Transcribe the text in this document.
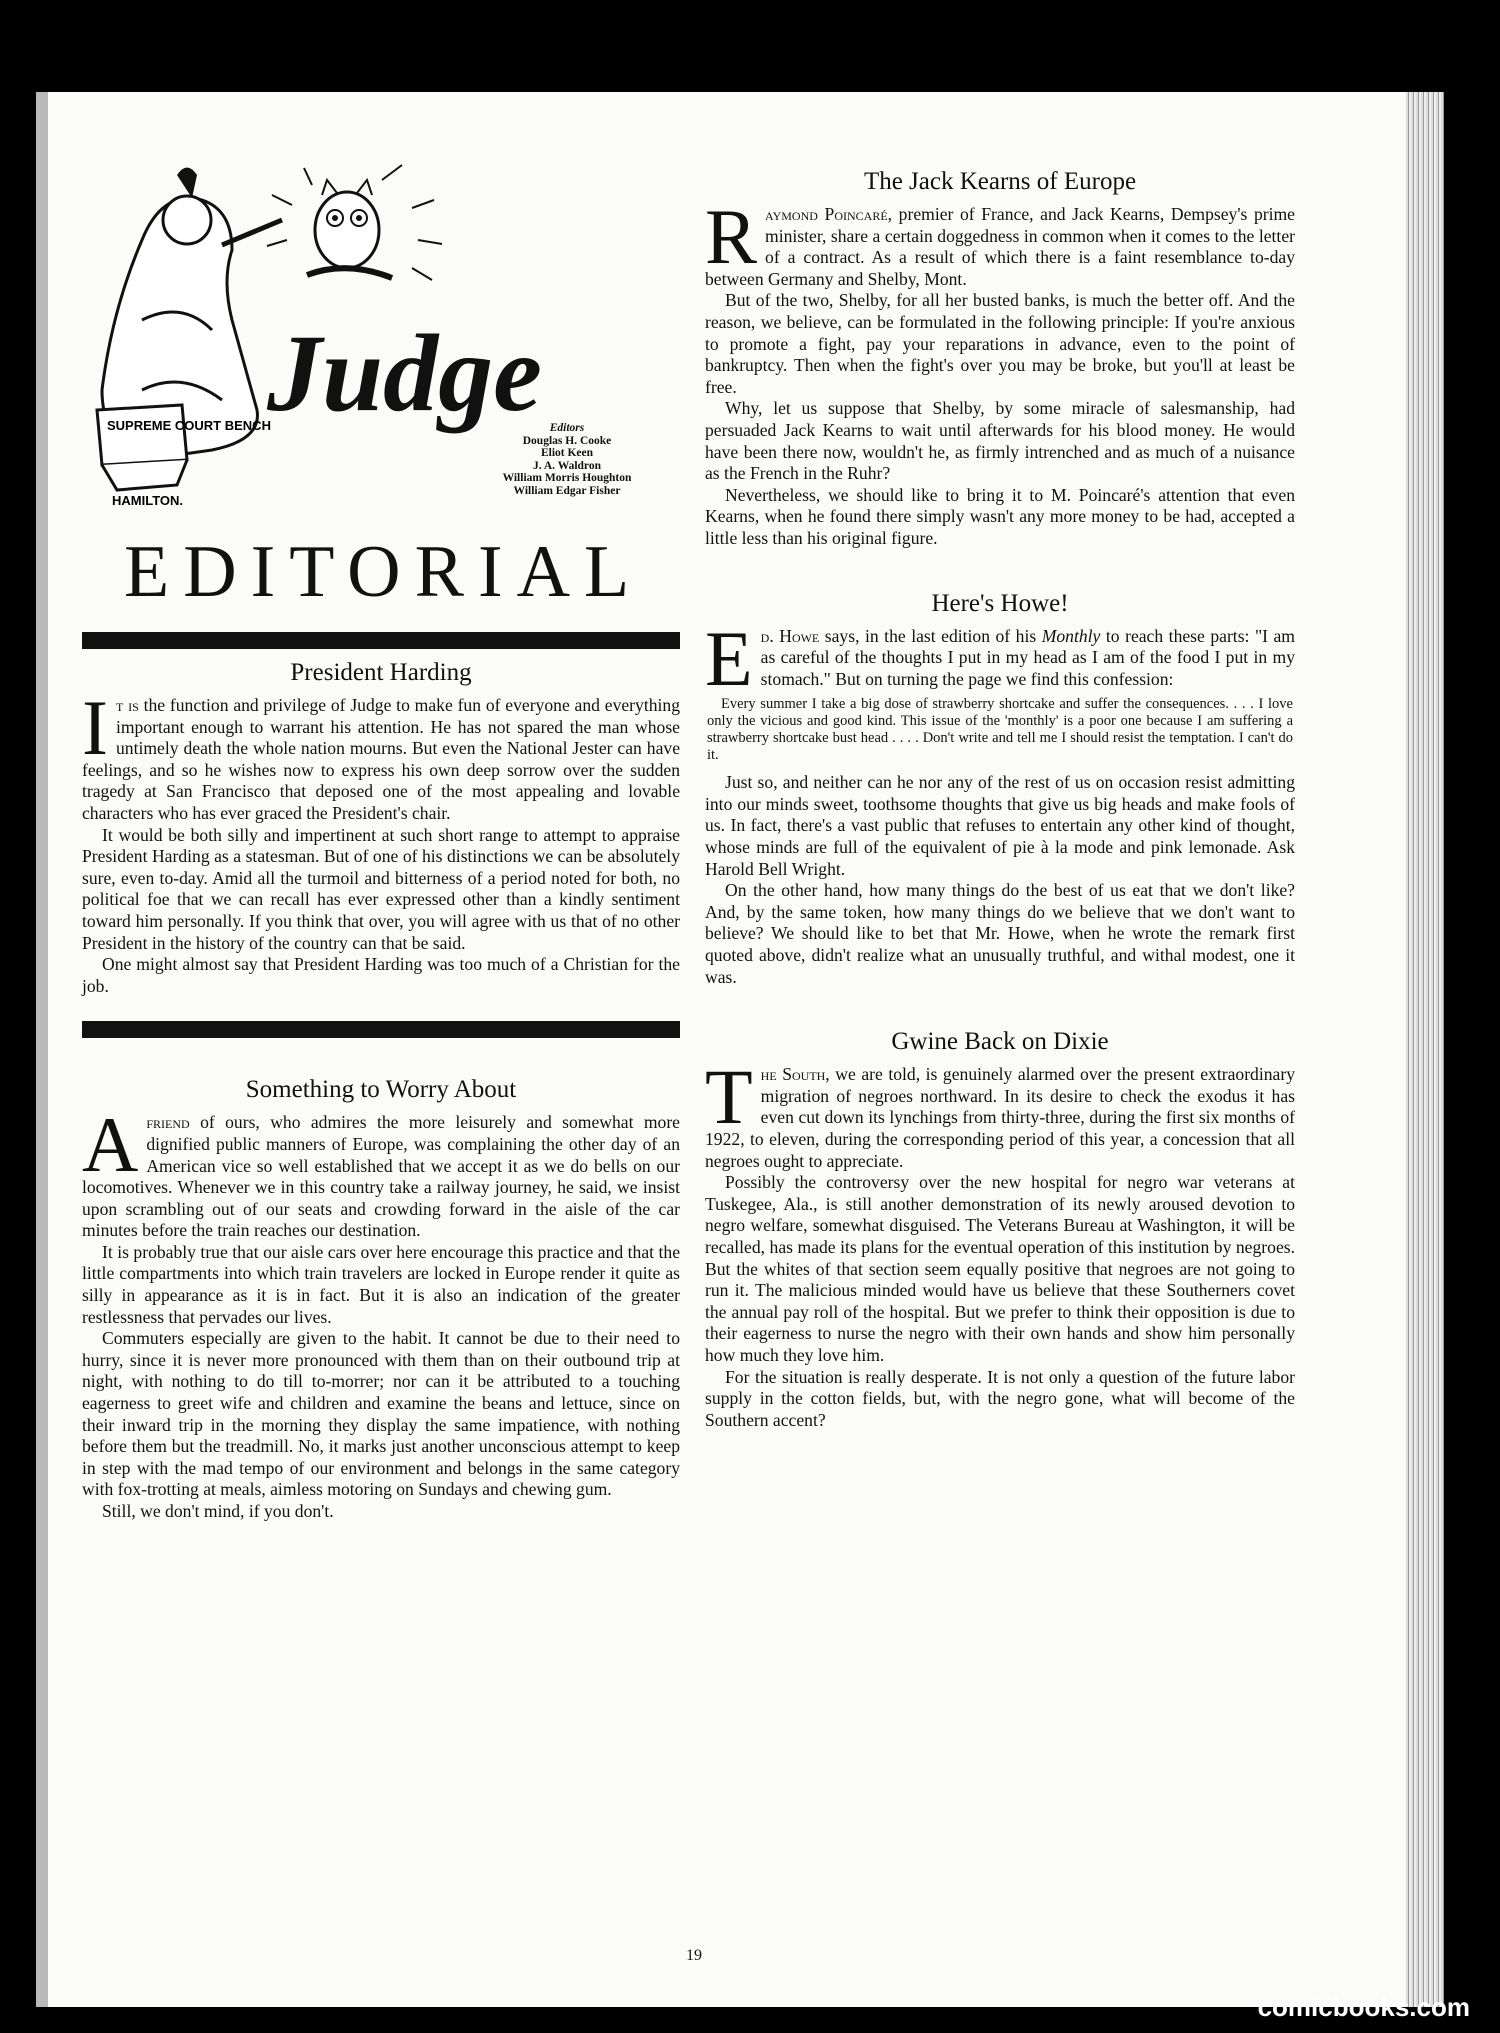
SUPREME COURT BENCH
HAMILTON.
Judge Editors
Douglas H. Cooke
Eliot Keen
J. A. Waldron
William Morris Houghton
William Edgar Fisher
EDITORIAL
President Harding

It is the function and privilege of Judge to make fun of everyone and everything important enough to warrant his attention. He has not spared the man whose untimely death the whole nation mourns. But even the National Jester can have feelings, and so he wishes now to express his own deep sorrow over the sudden tragedy at San Francisco that deposed one of the most appealing and lovable characters who has ever graced the President's chair.

It would be both silly and impertinent at such short range to attempt to appraise President Harding as a statesman. But of one of his distinctions we can be absolutely sure, even to-day. Amid all the turmoil and bitterness of a period noted for both, no political foe that we can recall has ever expressed other than a kindly sentiment toward him personally. If you think that over, you will agree with us that of no other President in the history of the country can that be said.

One might almost say that President Harding was too much of a Christian for the job.

Something to Worry About

Afriend of ours, who admires the more leisurely and somewhat more dignified public manners of Europe, was complaining the other day of an American vice so well established that we accept it as we do bells on our locomotives. Whenever we in this country take a railway journey, he said, we insist upon scrambling out of our seats and crowding forward in the aisle of the car minutes before the train reaches our destination.

It is probably true that our aisle cars over here encourage this practice and that the little compartments into which train travelers are locked in Europe render it quite as silly in appearance as it is in fact. But it is also an indication of the greater restlessness that pervades our lives.

Commuters especially are given to the habit. It cannot be due to their need to hurry, since it is never more pronounced with them than on their outbound trip at night, with nothing to do till to-morrer; nor can it be attributed to a touching eagerness to greet wife and children and examine the beans and lettuce, since on their inward trip in the morning they display the same impatience, with nothing before them but the treadmill. No, it marks just another unconscious attempt to keep in step with the mad tempo of our environment and belongs in the same category with fox-trotting at meals, aimless motoring on Sundays and chewing gum.

Still, we don't mind, if you don't.

The Jack Kearns of Europe

Raymond Poincaré, premier of France, and Jack Kearns, Dempsey's prime minister, share a certain doggedness in common when it comes to the letter of a contract. As a result of which there is a faint resemblance to-day between Germany and Shelby, Mont.

But of the two, Shelby, for all her busted banks, is much the better off. And the reason, we believe, can be formulated in the following principle: If you're anxious to promote a fight, pay your reparations in advance, even to the point of bankruptcy. Then when the fight's over you may be broke, but you'll at least be free.

Why, let us suppose that Shelby, by some miracle of salesmanship, had persuaded Jack Kearns to wait until afterwards for his blood money. He would have been there now, wouldn't he, as firmly intrenched and as much of a nuisance as the French in the Ruhr?

Nevertheless, we should like to bring it to M. Poincaré's attention that even Kearns, when he found there simply wasn't any more money to be had, accepted a little less than his original figure.

Here's Howe!

Ed. Howe says, in the last edition of his Monthly to reach these parts: "I am as careful of the thoughts I put in my head as I am of the food I put in my stomach." But on turning the page we find this confession:

Every summer I take a big dose of strawberry shortcake and suffer the consequences. . . . I love only the vicious and good kind. This issue of the 'monthly' is a poor one because I am suffering a strawberry shortcake bust head . . . . Don't write and tell me I should resist the temptation. I can't do it.

Just so, and neither can he nor any of the rest of us on occasion resist admitting into our minds sweet, toothsome thoughts that give us big heads and make fools of us. In fact, there's a vast public that refuses to entertain any other kind of thought, whose minds are full of the equivalent of pie à la mode and pink lemonade. Ask Harold Bell Wright.

On the other hand, how many things do the best of us eat that we don't like? And, by the same token, how many things do we believe that we don't want to believe? We should like to bet that Mr. Howe, when he wrote the remark first quoted above, didn't realize what an unusually truthful, and withal modest, one it was.

Gwine Back on Dixie

The South, we are told, is genuinely alarmed over the present extraordinary migration of negroes northward. In its desire to check the exodus it has even cut down its lynchings from thirty-three, during the first six months of 1922, to eleven, during the corresponding period of this year, a concession that all negroes ought to appreciate.

Possibly the controversy over the new hospital for negro war veterans at Tuskegee, Ala., is still another demonstration of its newly aroused devotion to negro welfare, somewhat disguised. The Veterans Bureau at Washington, it will be recalled, has made its plans for the eventual operation of this institution by negroes. But the whites of that section seem equally positive that negroes are not going to run it. The malicious minded would have us believe that these Southerners covet the annual pay roll of the hospital. But we prefer to think their opposition is due to their eagerness to nurse the negro with their own hands and show him personally how much they love him.

For the situation is really desperate. It is not only a question of the future labor supply in the cotton fields, but, with the negro gone, what will become of the Southern accent?

19
comicbooks.com
